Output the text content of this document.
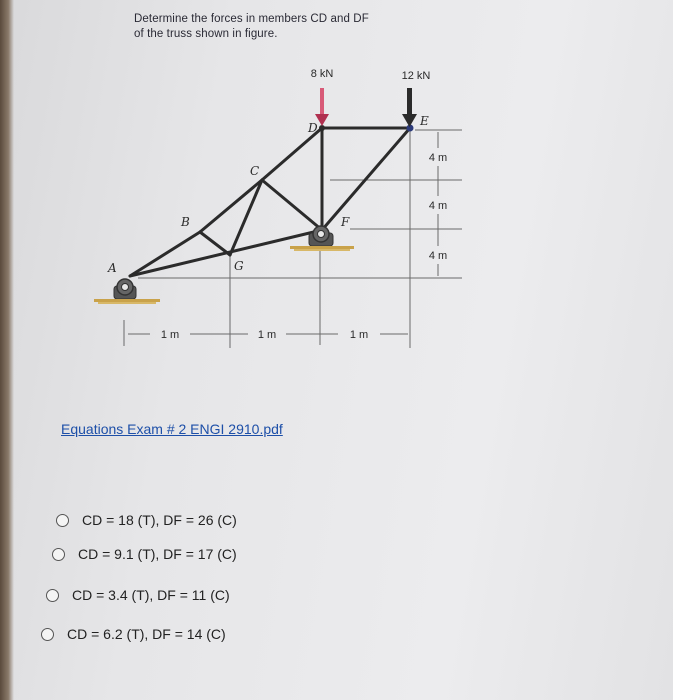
Determine the forces in members CD and DF
of the truss shown in figure.
8 kN	12 kN
A
B
C
D	E
F
G
4 m
4 m
4 m
1 m	1 m	1 m
Equations Exam # 2 ENGI 2910.pdf
CD = 18 (T), DF = 26 (C)
CD = 9.1 (T), DF = 17 (C)
CD = 3.4 (T), DF = 11 (C)
CD = 6.2 (T), DF = 14 (C)
